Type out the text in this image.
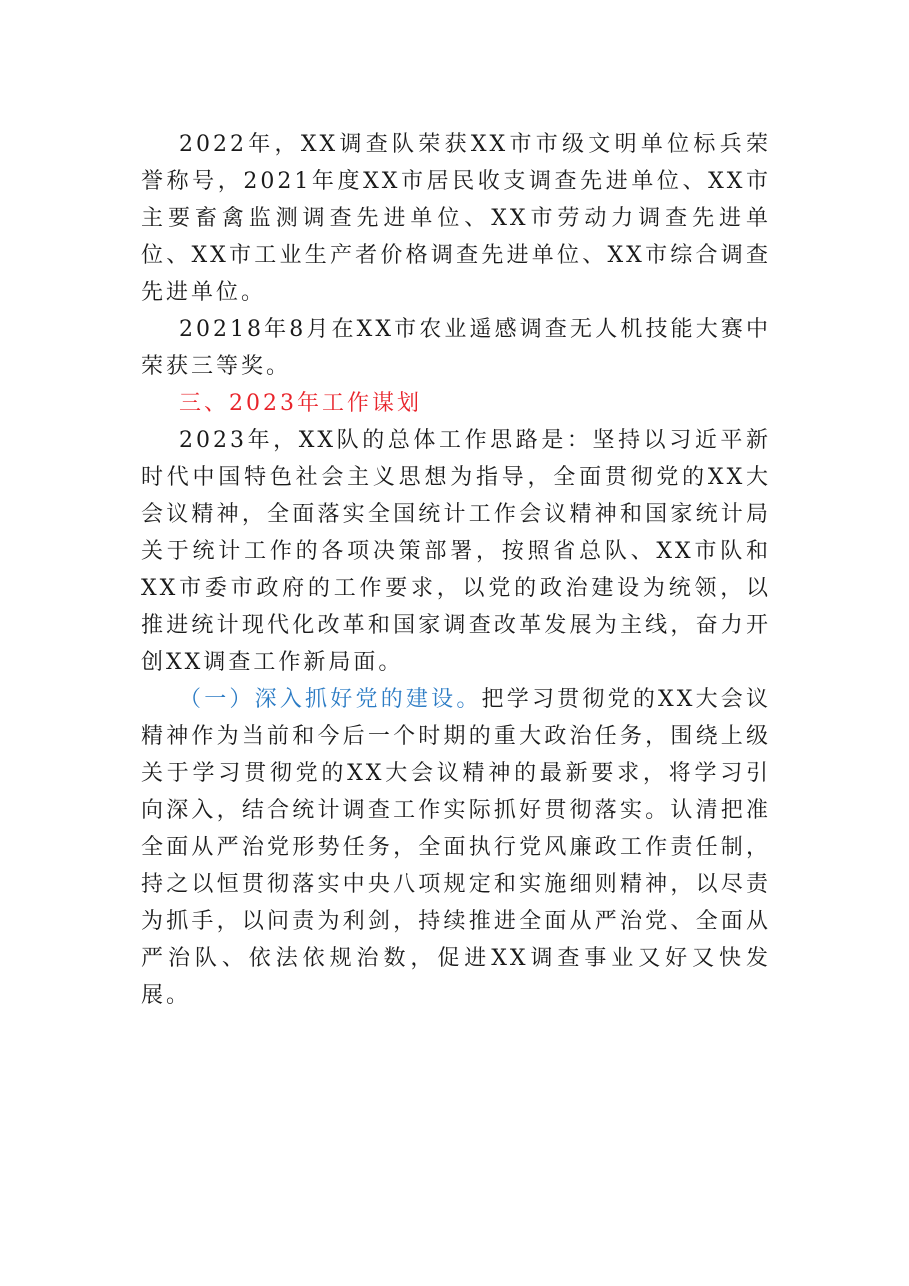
2022年，XX调查队荣获XX市市级文明单位标兵荣誉称号，2021年度XX市居民收支调查先进单位、XX市主要畜禽监测调查先进单位、XX市劳动力调查先进单位、XX市工业生产者价格调查先进单位、XX市综合调查先进单位。

20218年8月在XX市农业遥感调查无人机技能大赛中荣获三等奖。

三、2023年工作谋划

2023年，XX队的总体工作思路是：坚持以习近平新时代中国特色社会主义思想为指导，全面贯彻党的XX大会议精神，全面落实全国统计工作会议精神和国家统计局关于统计工作的各项决策部署，按照省总队、XX市队和XX市委市政府的工作要求，以党的政治建设为统领，以推进统计现代化改革和国家调查改革发展为主线，奋力开创XX调查工作新局面。

（一）深入抓好党的建设。把学习贯彻党的XX大会议精神作为当前和今后一个时期的重大政治任务，围绕上级关于学习贯彻党的XX大会议精神的最新要求，将学习引向深入，结合统计调查工作实际抓好贯彻落实。认清把准全面从严治党形势任务，全面执行党风廉政工作责任制，持之以恒贯彻落实中央八项规定和实施细则精神，以尽责为抓手，以问责为利剑，持续推进全面从严治党、全面从严治队、依法依规治数，促进XX调查事业又好又快发展。
